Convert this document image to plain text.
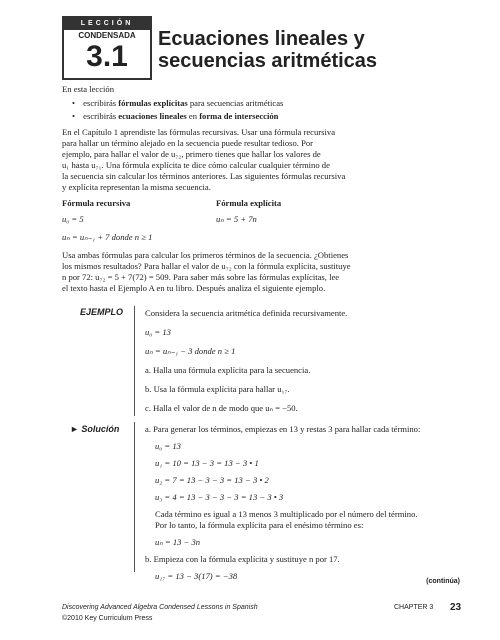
LECCIÓN
CONDENSADA
3.1
Ecuaciones lineales y
secuencias aritméticas
En esta lección
• escribirás fórmulas explícitas para secuencias aritméticas
• escribirás ecuaciones lineales en forma de intersección

En el Capítulo 1 aprendiste las fórmulas recursivas. Usar una fórmula recursiva

para hallar un término alejado en la secuencia puede resultar tedioso. Por

ejemplo, para hallar el valor de u₇₂, primero tienes que hallar los valores de

u₁ hasta u₇₁. Una fórmula explícita te dice cómo calcular cualquier término de

la secuencia sin calcular los términos anteriores. Las siguientes fórmulas recursiva

y explícita representan la misma secuencia.

Fórmula recursiva	Fórmula explícita
u₀ = 5	uₙ = 5 + 7n
uₙ = uₙ₋₁ + 7 donde n ≥ 1

Usa ambas fórmulas para calcular los primeros términos de la secuencia. ¿Obtienes

los mismos resultados? Para hallar el valor de u₇₂ con la fórmula explícita, sustituye

n por 72: u₇₂ = 5 + 7(72) = 509. Para saber más sobre las fórmulas explícitas, lee

el texto hasta el Ejemplo A en tu libro. Después analiza el siguiente ejemplo.

EJEMPLO	Considera la secuencia aritmética definida recursivamente.

u₀ = 13

uₙ = uₙ₋₁ − 3 donde n ≥ 1

a. Halla una fórmula explícita para la secuencia.

b. Usa la fórmula explícita para hallar u₁₇.

c. Halla el valor de n de modo que uₙ = −50.

► Solución	a. Para generar los términos, empiezas en 13 y restas 3 para hallar cada término:

u₀ = 13

u₁ = 10 = 13 − 3 = 13 − 3 • 1

u₂ = 7 = 13 − 3 − 3 = 13 − 3 • 2

u₃ = 4 = 13 − 3 − 3 − 3 = 13 − 3 • 3

Cada término es igual a 13 menos 3 multiplicado por el número del término.

Por lo tanto, la fórmula explícita para el enésimo término es:

uₙ = 13 − 3n

b. Empieza con la fórmula explícita y sustituye n por 17.

u₁₇ = 13 − 3(17) = −38

(continúa)
Discovering Advanced Algebra Condensed Lessons in Spanish
©2010 Key Curriculum Press
CHAPTER 3 23
